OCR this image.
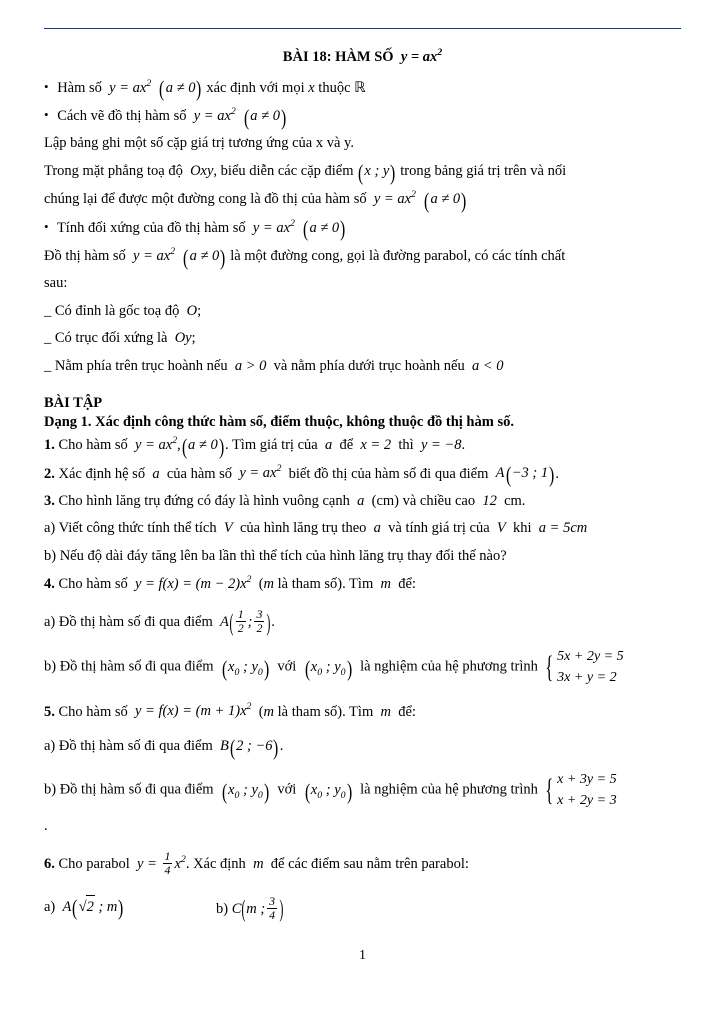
BÀI 18: HÀM SỐ  $y = ax^2$
• Hàm số  $y = ax^2$ (a ≠ 0) xác định với mọi x thuộc ℝ
• Cách vẽ đồ thị hàm số  $y = ax^2$ (a ≠ 0)
Lập bảng ghi một số cặp giá trị tương ứng của x và y.
Trong mặt phẳng toạ độ  Oxy, biểu diễn các cặp điểm (x ; y) trong bảng giá trị trên và nối
chúng lại để được một đường cong là đồ thị của hàm số  $y = ax^2$ (a ≠ 0)
• Tính đối xứng của đồ thị hàm số  $y = ax^2$ (a ≠ 0)
Đồ thị hàm số  $y = ax^2$ (a ≠ 0) là một đường cong, gọi là đường parabol, có các tính chất
sau:
_ Có đỉnh là gốc toạ độ  O;
_ Có trục đối xứng là  Oy;
_ Nằm phía trên trục hoành nếu  a > 0  và nằm phía dưới trục hoành nếu  a < 0
BÀI TẬP
Dạng 1. Xác định công thức hàm số, điểm thuộc, không thuộc đồ thị hàm số.
1. Cho hàm số  $y = ax^2,(a \ne 0)$. Tìm giá trị của  a  để  x = 2  thì  y = −8.
2. Xác định hệ số  a  của hàm số  $y = ax^2$ biết đồ thị của hàm số đi qua điểm  A(−3 ; 1).
3. Cho hình lăng trụ đứng có đáy là hình vuông cạnh  a  (cm) và chiều cao  12  cm.
a) Viết công thức tính thể tích  V  của hình lăng trụ theo  a  và tính giá trị của  V  khi  a = 5cm
b) Nếu độ dài đáy tăng lên ba lần thì thể tích của hình lăng trụ thay đổi thế nào?
4. Cho hàm số  $y = f(x) = (m - 2)x^2$ (m là tham số). Tìm  m  để:
a) Đồ thị hàm số đi qua điểm  $A( \frac{1}{2}$ ; $\frac{3}{2}$ ).
b) Đồ thị hàm số đi qua điểm ($x_0$ ; $y_0$) với ($x_0$ ; $y_0$) là nghiệm của hệ phương trình { 5x + 2y = 5
3x + y = 2
5. Cho hàm số  $y = f(x) = (m + 1)x^2$ (m là tham số). Tìm  m  để:
a) Đồ thị hàm số đi qua điểm  B(2 ; −6).
b) Đồ thị hàm số đi qua điểm ($x_0$ ; $y_0$) với ($x_0$ ; $y_0$) là nghiệm của hệ phương trình { x + 3y = 5
x + 2y = 3
.
6. Cho parabol  $y = \frac{1}{4} x^2$. Xác định  m  để các điểm sau nằm trên parabol:
a)  A(√2 ; m)	b) C(m ; $\frac{3}{4}$ )
1
